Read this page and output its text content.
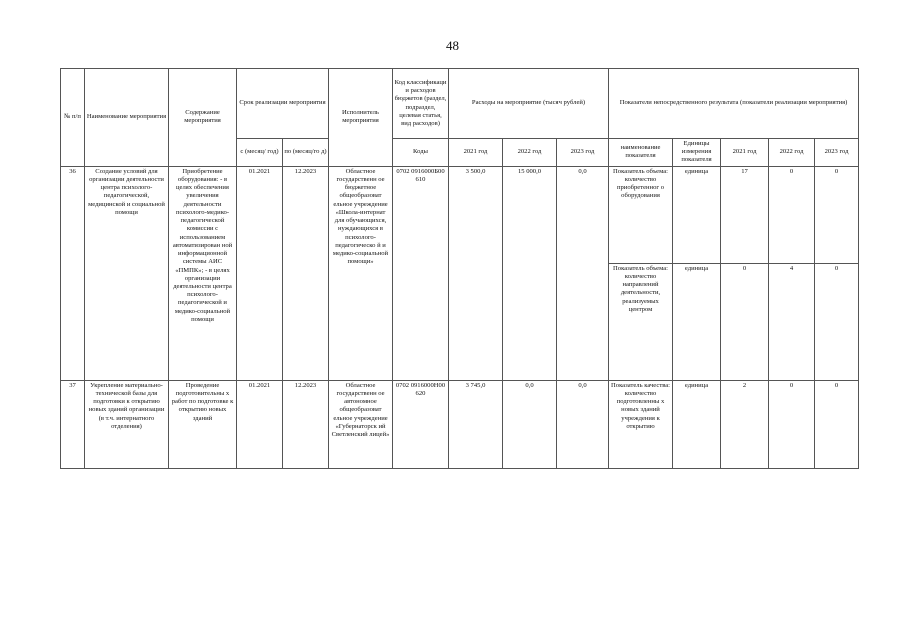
48
№ п/п	Наименование мероприятия	Содержание мероприятия	Срок реализации мероприятия		Исполнитель мероприятия	Код классификаци и расходов бюджетов (раздел, подраздел, целевая статья, вид расходов)	Расходы на мероприятие (тысяч рублей)			Показатели непосредственного результата (показатели реализации мероприятия)				
			с (месяц/ год)	по (месяц/го д)		Коды	2021 год	2022 год	2023 год	наименование показателя	Единицы измерения показателя	2021 год	2022 год	2023 год
36	Создание условий для организации деятельности центра психолого-педагогической, медицинской и социальной помощи	Приобретение оборудования: - в целях обеспечения увеличения деятельности психолого-медико-педагогической комиссии с использованием автоматизирован ной информационной системы АИС «ПМПК»; - в целях организации деятельности центра психолого-педагогической и медико-социальной помощи	01.2021	12.2023	Областное государственн ое бюджетное общеобразоват ельное учреждение «Школа-интернат для обучающихся, нуждающихся в психолого-педагогическо й и медико-социальной помощи»	0702 0916000Б00 610	3 500,0	15 000,0	0,0	Показатель объема: количество приобретенног о оборудования	единица	17	0	0
										Показатель объема: количество направлений деятельности, реализуемых центром	единица	0	4	0
37	Укрепление материально-технической базы для подготовки к открытию новых зданий организации (в т.ч. интернатного отделения)	Проведение подготовительны х работ по подготовке к открытию новых зданий	01.2021	12.2023	Областное государственн ое автономное общеобразоват ельное учреждение «Губернаторск ий Светленский лицей»	0702 0916000Н00 620	3 745,0	0,0	0,0	Показатель качества: количество подготовленны х новых зданий учреждения к открытию	единица	2	0	0
